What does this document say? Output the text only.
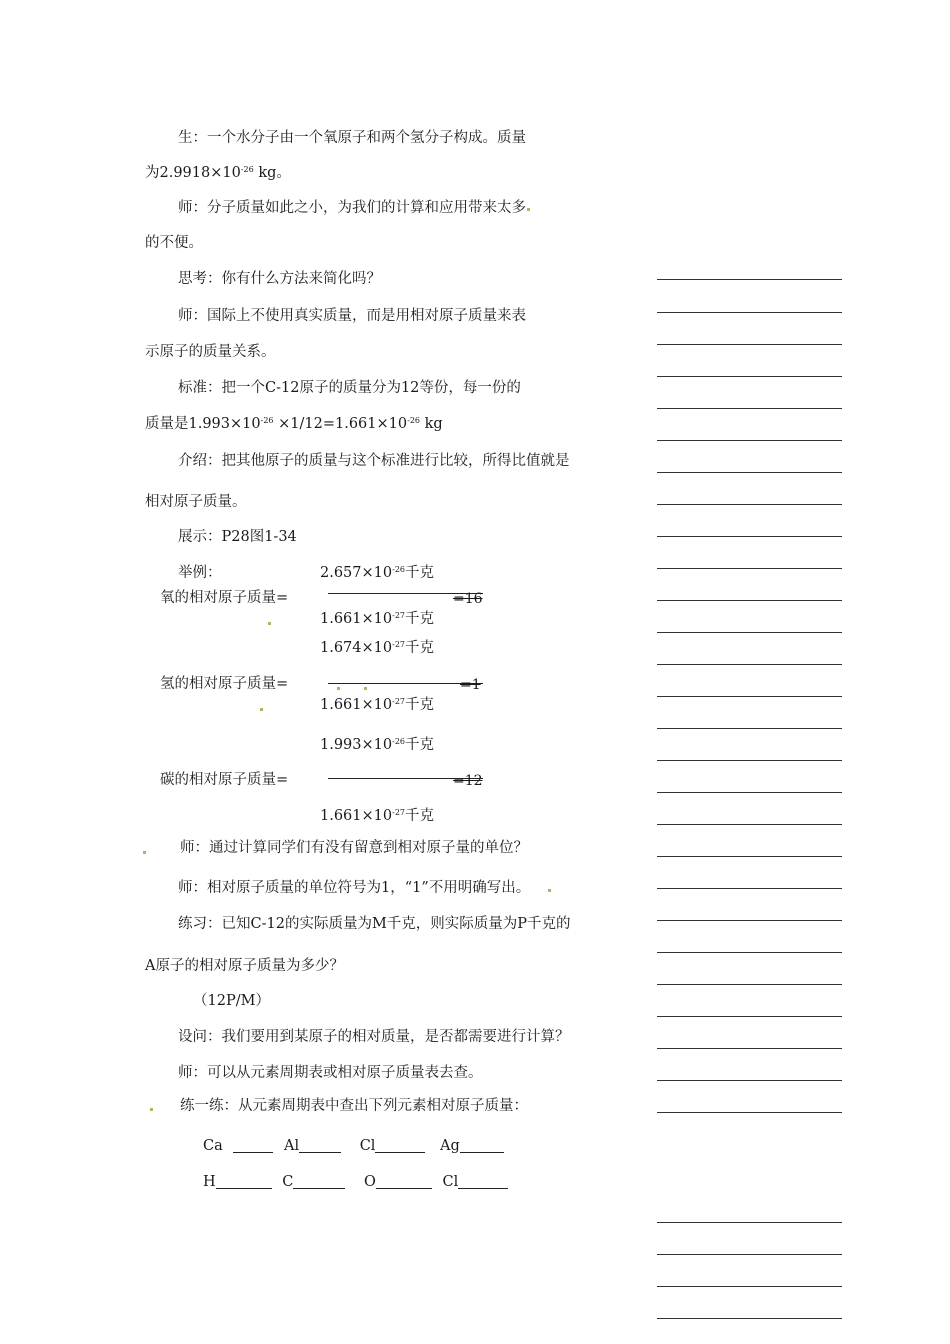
生：一个水分子由一个氧原子和两个氢分子构成。质量
为$2.9918\times 10^{-26}$ kg。
师：分子质量如此之小，为我们的计算和应用带来太多
的不便。
思考：你有什么方法来简化吗？
师：国际上不使用真实质量，而是用相对原子质量来表
示原子的质量关系。
标准：把一个C-12原子的质量分为12等份，每一份的
质量是$1.993\times 10^{-26} \times 1/12=1.661\times 10^{-26}$ kg
介绍：把其他原子的质量与这个标准进行比较，所得比值就是
相对原子质量。
展示：P28图1-34
举例：	$2.657\times 10^{-26}$千克
氧的相对原子质量=	=16
$1.661\times 10^{-27}$千克
$1.674\times 10^{-27}$千克
氢的相对原子质量=	=1
$1.661\times 10^{-27}$千克
$1.993\times 10^{-26}$千克
碳的相对原子质量=	=12
$1.661\times 10^{-27}$千克
师：通过计算同学们有没有留意到相对原子量的单位？
师：相对原子质量的单位符号为1，“1”不用明确写出。
练习：已知C-12的实际质量为M千克，则实际质量为P千克的
A原子的相对原子质量为多少？
（12P/M）
设问：我们要用到某原子的相对质量，是否都需要进行计算？
师：可以从元素周期表或相对原子质量表去查。
练一练：从元素周期表中查出下列元素相对原子质量：
Ca	Al	Cl	Ag
H	C	O	Cl
